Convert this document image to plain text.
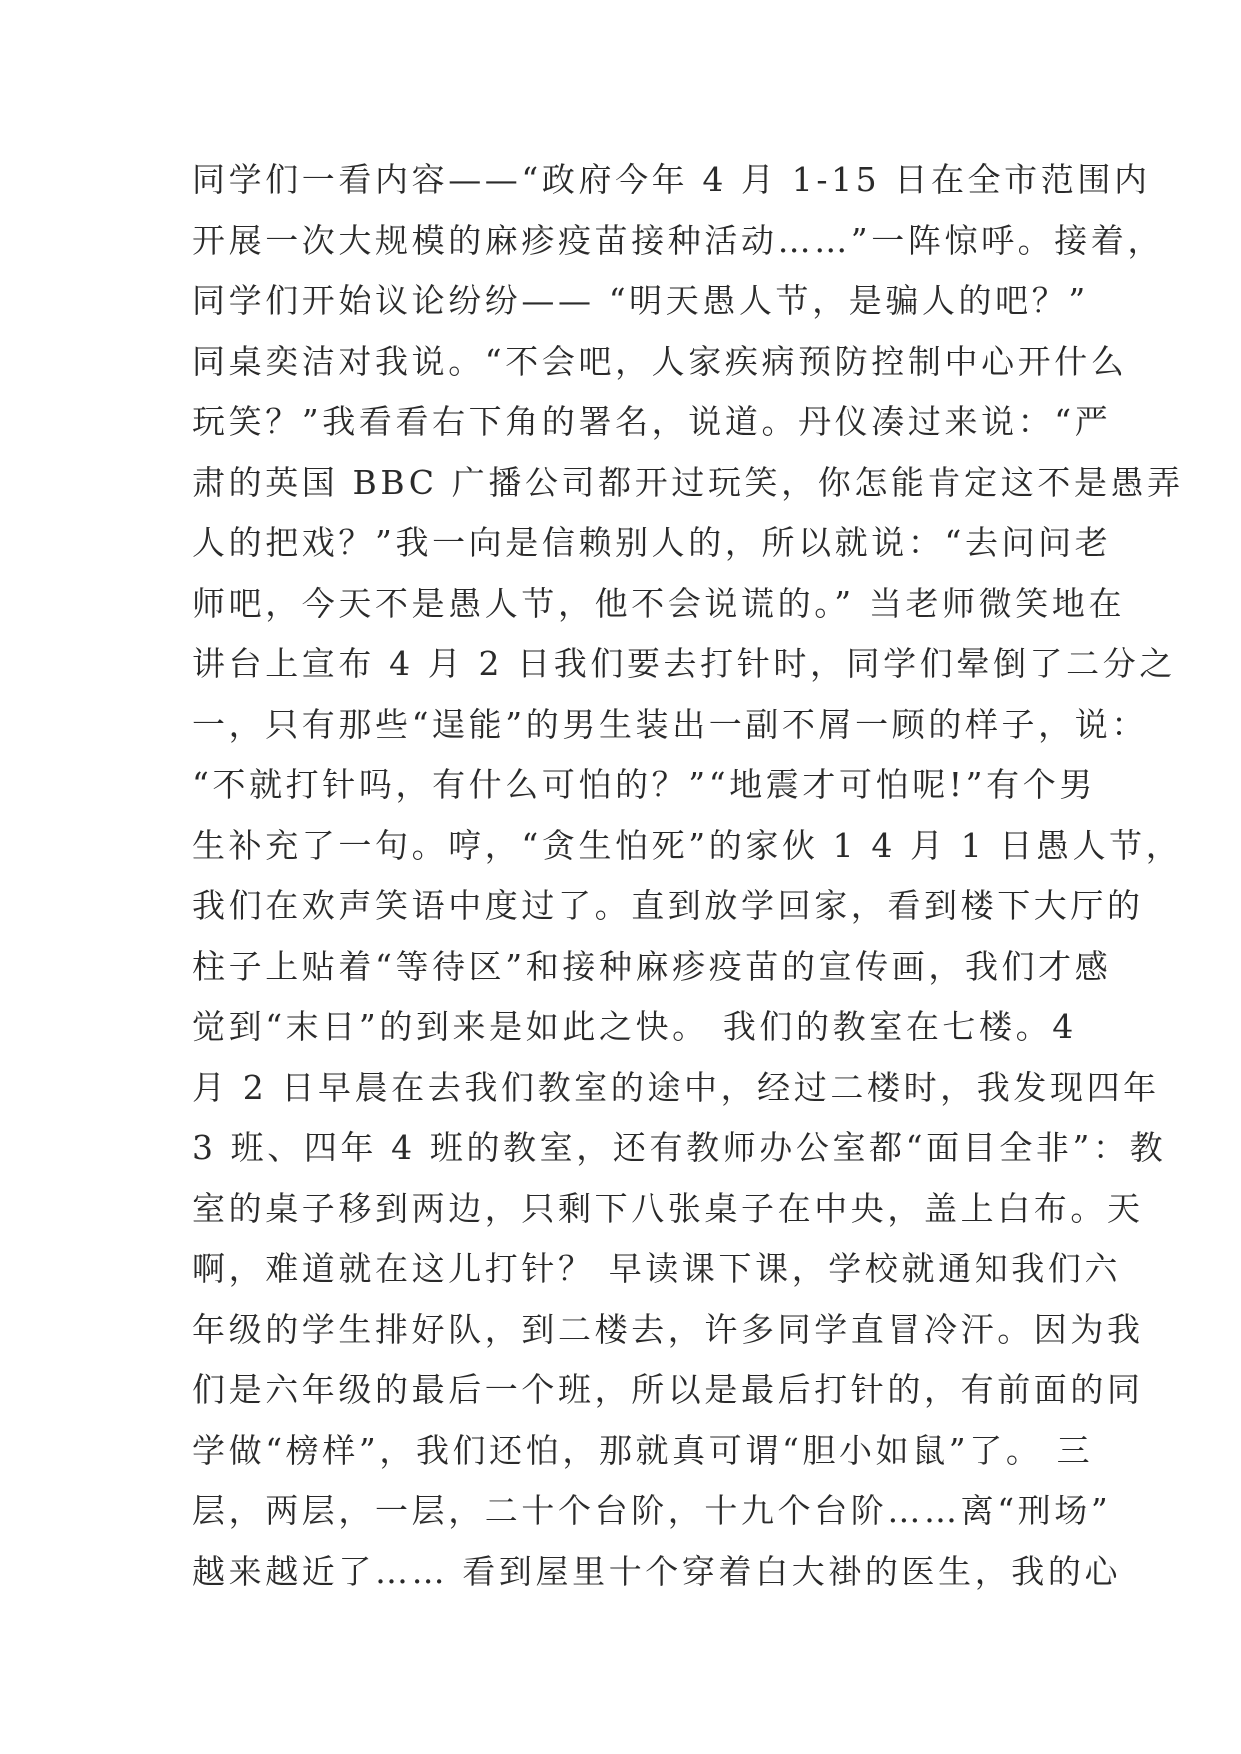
同学们一看内容——“政府今年 4 月 1-15 日在全市范围内
开展一次大规模的麻疹疫苗接种活动……”一阵惊呼。接着，
同学们开始议论纷纷—— “明天愚人节，是骗人的吧？”
同桌奕洁对我说。“不会吧，人家疾病预防控制中心开什么
玩笑？”我看看右下角的署名，说道。丹仪凑过来说：“严
肃的英国 BBC 广播公司都开过玩笑，你怎能肯定这不是愚弄
人的把戏？”我一向是信赖别人的，所以就说：“去问问老
师吧，今天不是愚人节，他不会说谎的。” 当老师微笑地在
讲台上宣布 4 月 2 日我们要去打针时，同学们晕倒了二分之
一，只有那些“逞能”的男生装出一副不屑一顾的样子，说：
“不就打针吗，有什么可怕的？”“地震才可怕呢!”有个男
生补充了一句。哼，“贪生怕死”的家伙 1 4 月 1 日愚人节，
我们在欢声笑语中度过了。直到放学回家，看到楼下大厅的
柱子上贴着“等待区”和接种麻疹疫苗的宣传画，我们才感
觉到“末日”的到来是如此之快。 我们的教室在七楼。4
月 2 日早晨在去我们教室的途中，经过二楼时，我发现四年
3 班、四年 4 班的教室，还有教师办公室都“面目全非”：教
室的桌子移到两边，只剩下八张桌子在中央，盖上白布。天
啊，难道就在这儿打针？ 早读课下课，学校就通知我们六
年级的学生排好队，到二楼去，许多同学直冒冷汗。因为我
们是六年级的最后一个班，所以是最后打针的，有前面的同
学做“榜样”，我们还怕，那就真可谓“胆小如鼠”了。 三
层，两层，一层，二十个台阶，十九个台阶……离“刑场”
越来越近了…… 看到屋里十个穿着白大褂的医生，我的心
